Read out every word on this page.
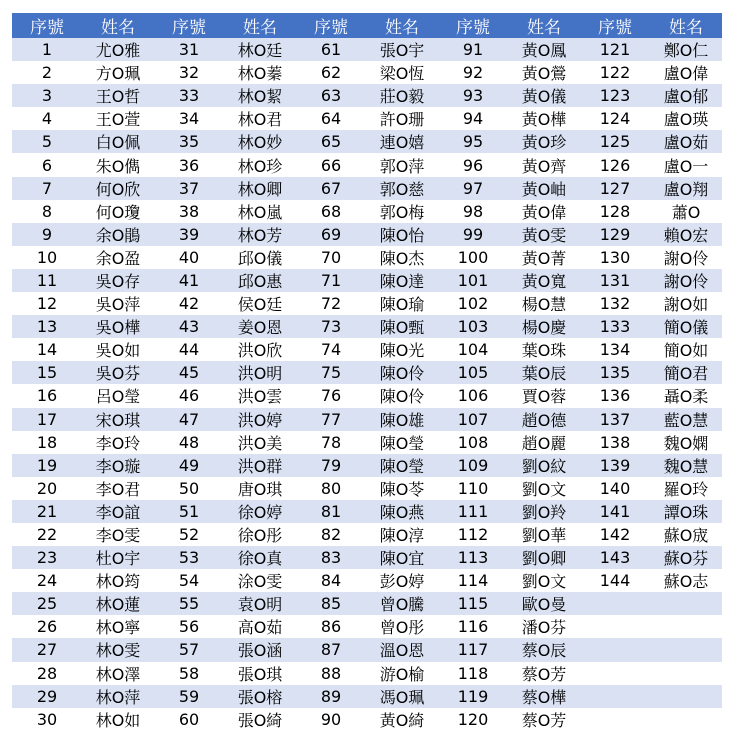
序號	姓名	序號	姓名	序號	姓名	序號	姓名	序號	姓名
1	尤O雅	31	林O廷	61	張O宇	91	黃O鳳	121	鄭O仁
2	方O珮	32	林O蓁	62	梁O恆	92	黃O鶯	122	盧O偉
3	王O哲	33	林O絜	63	莊O毅	93	黃O儀	123	盧O郁
4	王O萱	34	林O君	64	許O珊	94	黃O樺	124	盧O瑛
5	白O佩	35	林O妙	65	連O嬉	95	黃O珍	125	盧O茹
6	朱O儁	36	林O珍	66	郭O萍	96	黃O齊	126	盧O一
7	何O欣	37	林O卿	67	郭O慈	97	黃O岫	127	盧O翔
8	何O瓊	38	林O嵐	68	郭O梅	98	黃O偉	128	蕭O
9	余O鵑	39	林O芳	69	陳O怡	99	黃O雯	129	賴O宏
10	余O盈	40	邱O儀	70	陳O杰	100	黃O菁	130	謝O伶
11	吳O存	41	邱O惠	71	陳O達	101	黃O寬	131	謝O伶
12	吳O萍	42	侯O廷	72	陳O瑜	102	楊O慧	132	謝O如
13	吳O樺	43	姜O恩	73	陳O甄	103	楊O慶	133	簡O儀
14	吳O如	44	洪O欣	74	陳O光	104	葉O珠	134	簡O如
15	吳O芬	45	洪O明	75	陳O伶	105	葉O辰	135	簡O君
16	呂O瑩	46	洪O雲	76	陳O伶	106	賈O蓉	136	聶O柔
17	宋O琪	47	洪O婷	77	陳O雄	107	趙O德	137	藍O慧
18	李O玲	48	洪O美	78	陳O瑩	108	趙O麗	138	魏O嫻
19	李O璇	49	洪O群	79	陳O瑩	109	劉O紋	139	魏O慧
20	李O君	50	唐O琪	80	陳O苓	110	劉O文	140	羅O玲
21	李O誼	51	徐O婷	81	陳O燕	111	劉O羚	141	譚O珠
22	李O雯	52	徐O彤	82	陳O淳	112	劉O華	142	蘇O宬
23	杜O宇	53	徐O真	83	陳O宜	113	劉O卿	143	蘇O芬
24	林O筠	54	涂O雯	84	彭O婷	114	劉O文	144	蘇O志
25	林O蓮	55	袁O明	85	曾O騰	115	歐O曼		
26	林O寧	56	高O茹	86	曾O彤	116	潘O芬		
27	林O雯	57	張O涵	87	溫O恩	117	蔡O辰		
28	林O澤	58	張O琪	88	游O榆	118	蔡O芳		
29	林O萍	59	張O榕	89	馮O珮	119	蔡O樺		
30	林O如	60	張O綺	90	黃O綺	120	蔡O芳		
